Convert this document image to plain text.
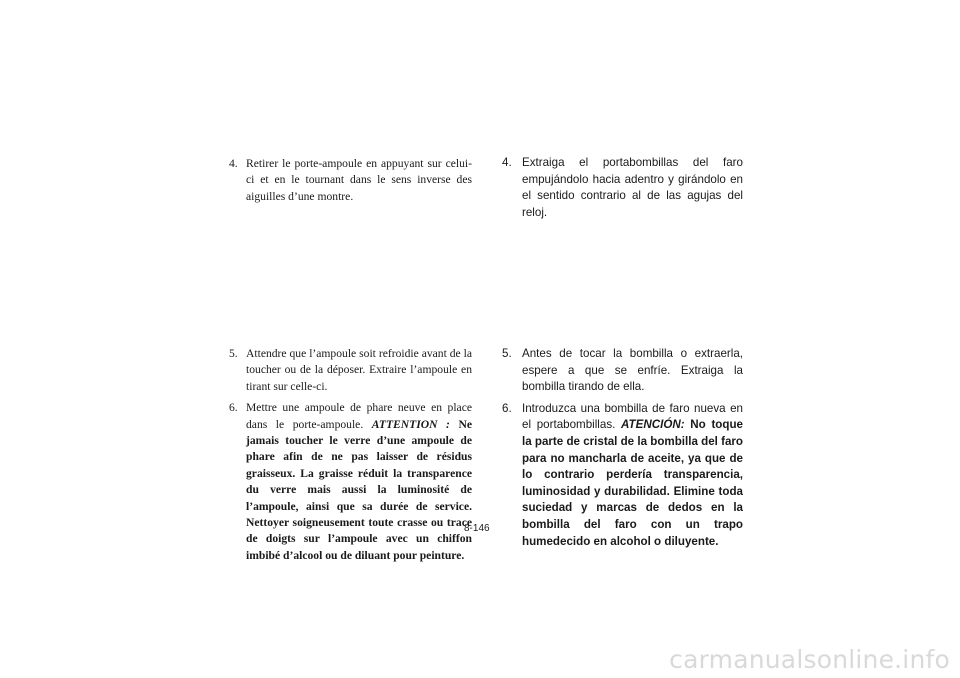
4. Retirer le porte-ampoule en appuyant sur celui-ci et en le tournant dans le sens inverse des aiguilles d’une montre.

4. Extraiga el portabombillas del faro empujándolo hacia adentro y girándolo en el sentido contrario al de las agujas del reloj.

5. Attendre que l’ampoule soit refroidie avant de la toucher ou de la déposer. Extraire l’ampoule en tirant sur celle-ci.

6. Mettre une ampoule de phare neuve en place dans le porte-ampoule. ATTENTION : Ne jamais toucher le verre d’une ampoule de phare afin de ne pas laisser de résidus graisseux. La graisse réduit la transparence du verre mais aussi la luminosité de l’ampoule, ainsi que sa durée de service. Nettoyer soigneusement toute crasse ou trace de doigts sur l’ampoule avec un chiffon imbibé d’alcool ou de diluant pour peinture.

5. Antes de tocar la bombilla o extraerla, espere a que se enfríe. Extraiga la bombilla tirando de ella.

6. Introduzca una bombilla de faro nueva en el portabombillas. ATENCIÓN: No toque la parte de cristal de la bombilla del faro para no mancharla de aceite, ya que de lo contrario perdería transparencia, luminosidad y durabilidad. Elimine toda suciedad y marcas de dedos en la bombilla del faro con un trapo humedecido en alcohol o diluyente.

8-146
carmanualsonline.info
